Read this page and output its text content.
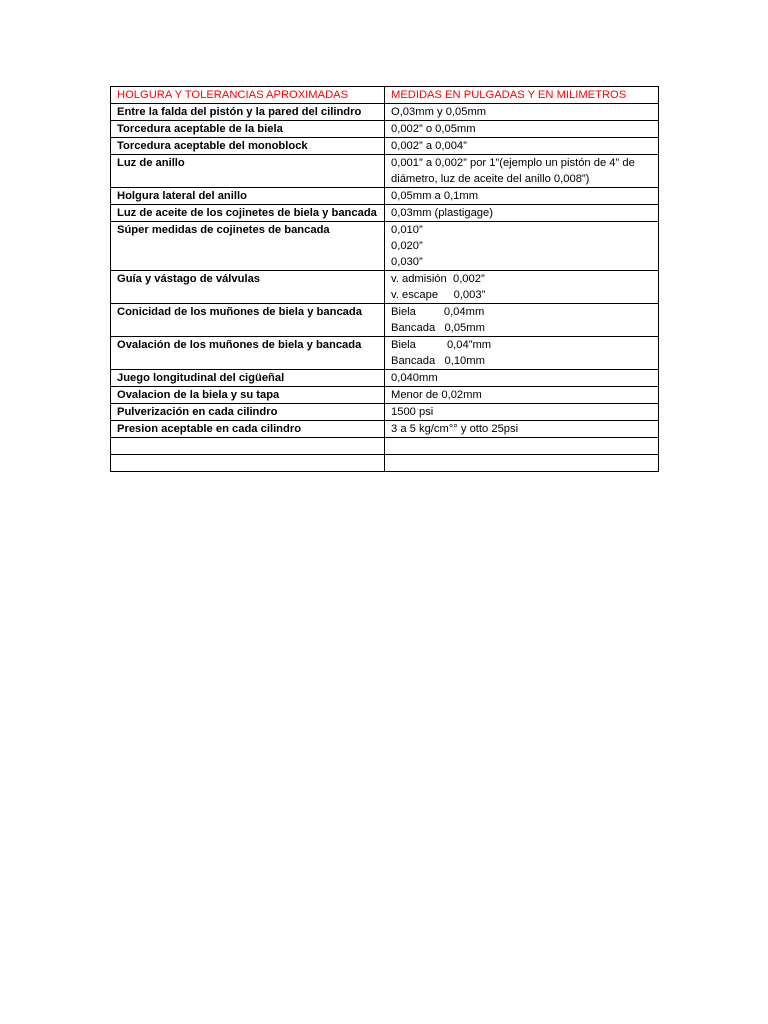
HOLGURA Y TOLERANCIAS APROXIMADAS	MEDIDAS EN PULGADAS Y EN MILIMETROS
Entre la falda del pistón y la pared del cilindro	O,03mm y 0,05mm

Torcedura aceptable de la biela	0,002” o 0,05mm

Torcedura aceptable del monoblock	0,002” a 0,004”

Luz de anillo	0,001” a 0,002” por 1”(ejemplo un pistón de 4” de diámetro, luz de aceite del anillo 0,008”)

Holgura lateral del anillo	0,05mm a 0,1mm

Luz de aceite de los cojinetes de biela y bancada	0,03mm (plastigage)

Súper medidas de cojinetes de bancada	0,010”
0,020”
0,030”

Guía y vástago de válvulas	v. admisión  0,002”
v. escape     0,003”

Conicidad de los muñones de biela y bancada	Biela         0,04mm
Bancada   0,05mm

Ovalación de los muñones de biela y bancada	Biela          0,04”mm
Bancada   0,10mm

Juego longitudinal del cigüeñal	0,040mm

Ovalacion de la biela y su tapa	Menor de 0,02mm

Pulverización en cada cilindro	1500 psi

Presion aceptable en cada cilindro	3 a 5 kg/cm°° y otto 25psi
